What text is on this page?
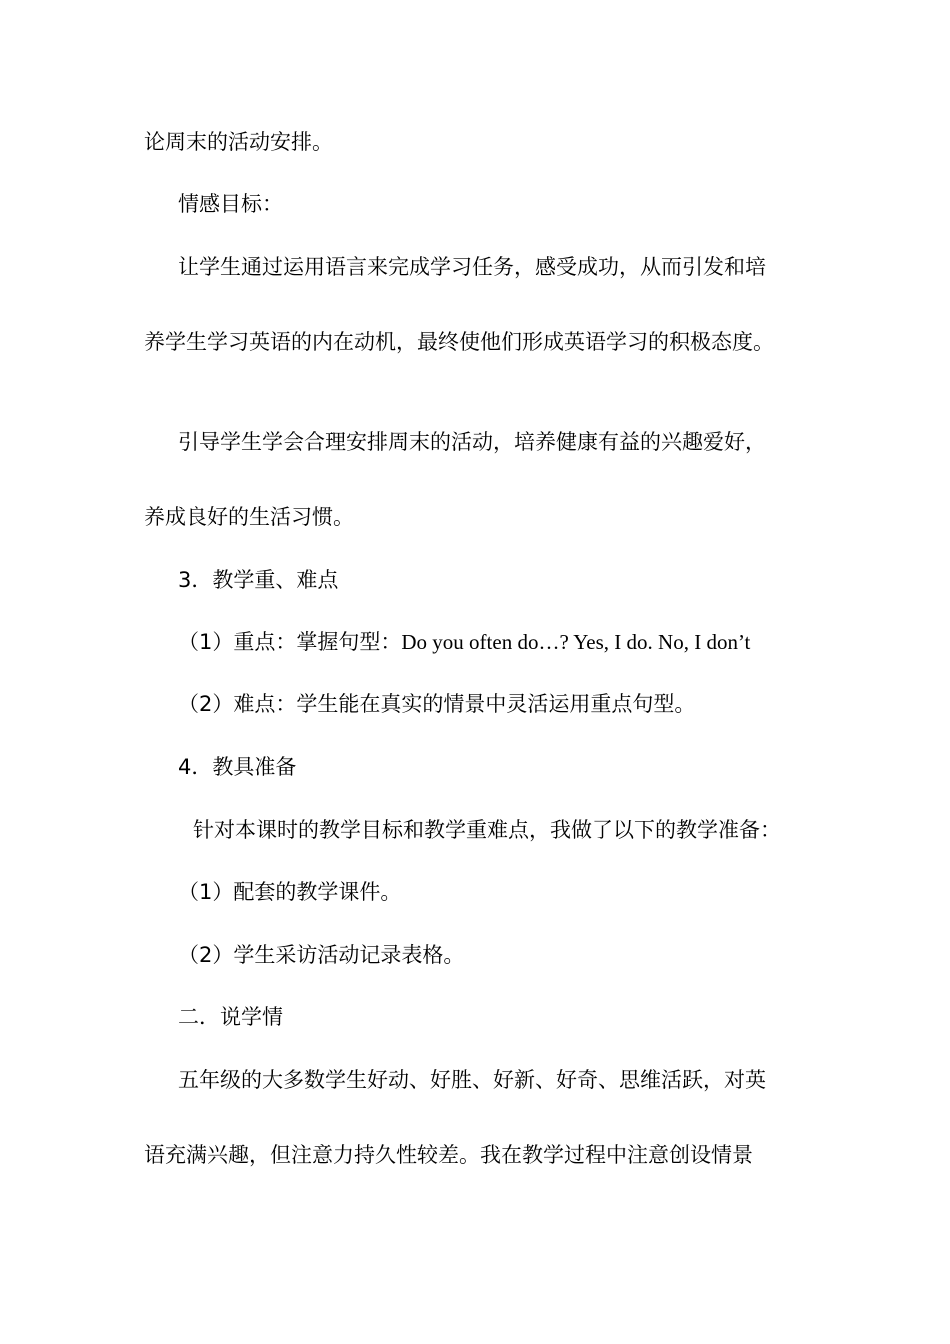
论周末的活动安排。
情感目标：
让学生通过运用语言来完成学习任务，感受成功，从而引发和培
养学生学习英语的内在动机，最终使他们形成英语学习的积极态度。
引导学生学会合理安排周末的活动，培养健康有益的兴趣爱好，
养成良好的生活习惯。
3．教学重、难点
（1）重点：掌握句型：Do you often do…? Yes, I do. No, I don’t
（2）难点：学生能在真实的情景中灵活运用重点句型。
4．教具准备
针对本课时的教学目标和教学重难点，我做了以下的教学准备：
（1）配套的教学课件。
（2）学生采访活动记录表格。
二．说学情
五年级的大多数学生好动、好胜、好新、好奇、思维活跃，对英
语充满兴趣，但注意力持久性较差。我在教学过程中注意创设情景
